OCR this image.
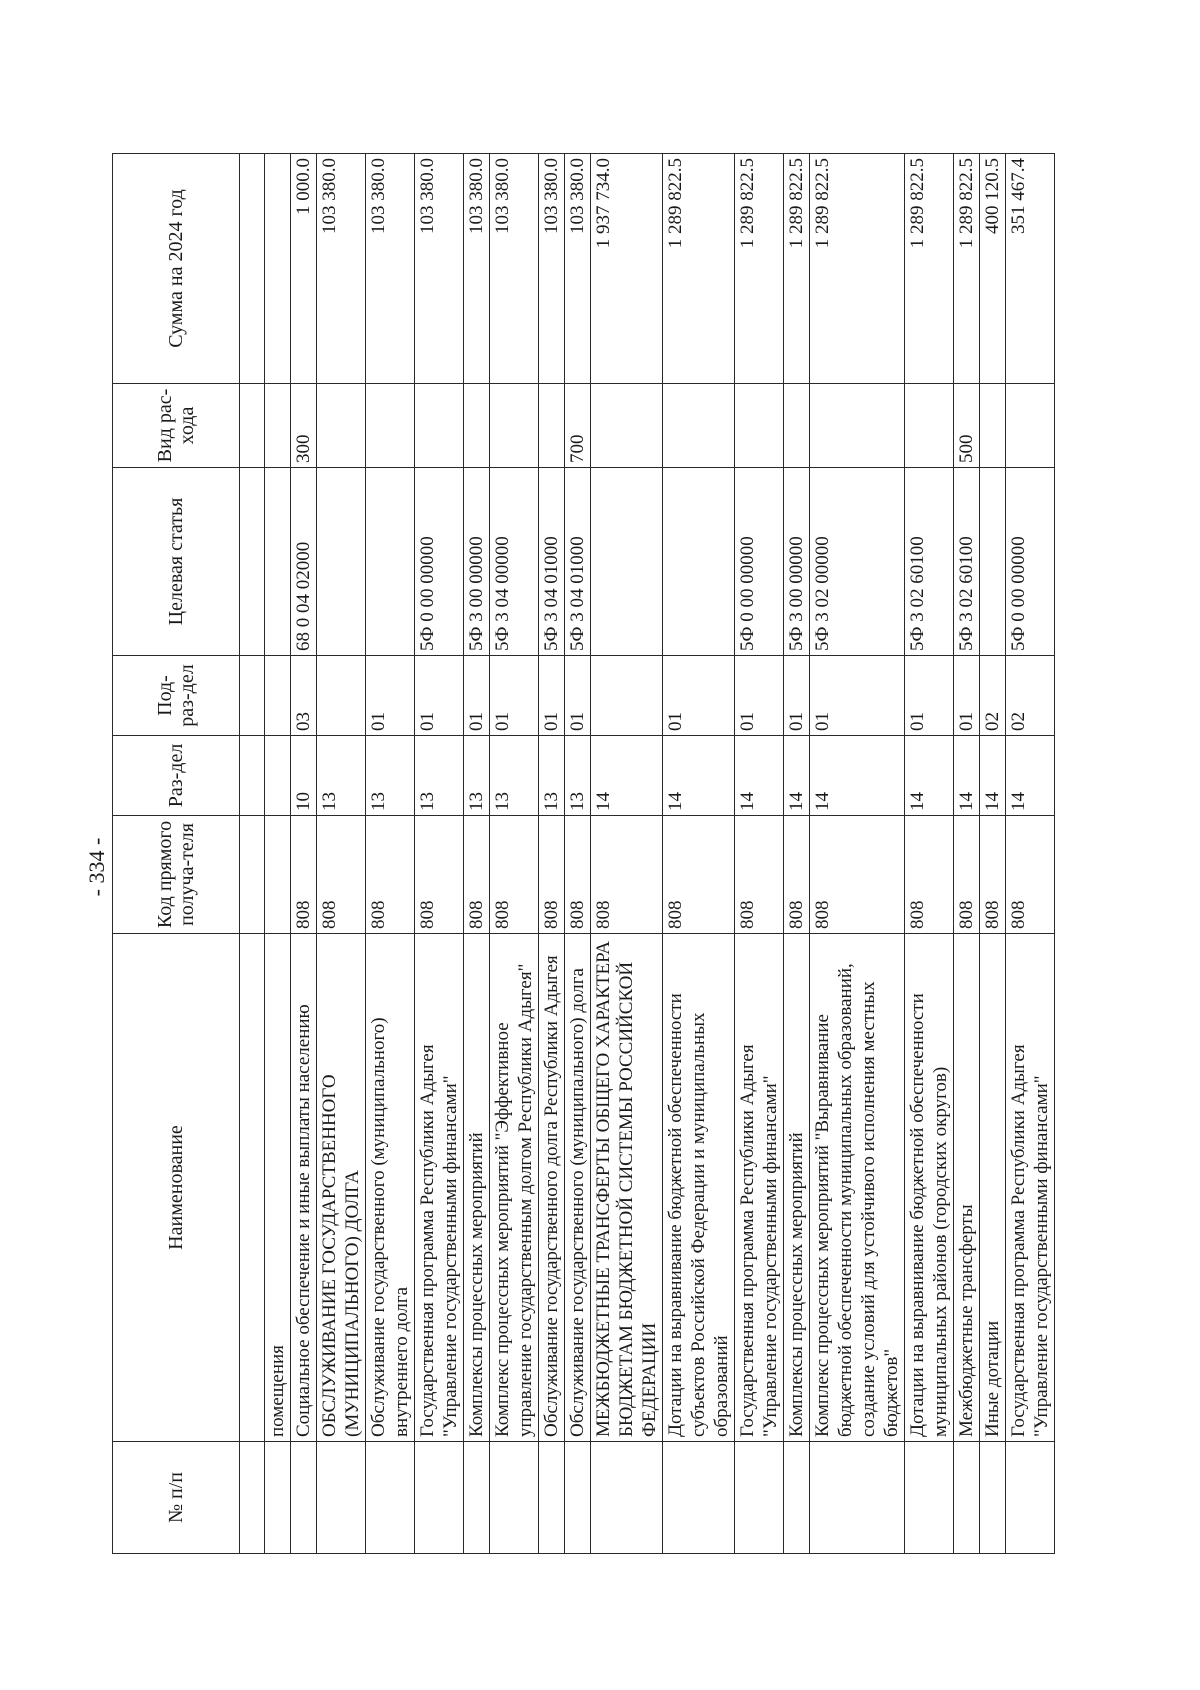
- 334 -
№ п/п	Наименование	Код прямого получа-теля	Раз-дел	Под-раз-дел	Целевая статья	Вид рас-хода	Сумма на 2024 год

	помещения						
	Социальное обеспечение и иные выплаты населению	808	10	03	68 0 04 02000	300	1 000.0
	ОБСЛУЖИВАНИЕ ГОСУДАРСТВЕННОГО (МУНИЦИПАЛЬНОГО) ДОЛГА	808	13				103 380.0
	Обслуживание государственного (муниципального) внутреннего долга	808	13	01			103 380.0
	Государственная программа Республики Адыгея "Управление государственными финансами"	808	13	01	5Ф 0 00 00000		103 380.0
	Комплексы процессных мероприятий	808	13	01	5Ф 3 00 00000		103 380.0
	Комплекс процессных мероприятий "Эффективное управление государственным долгом Республики Адыгея"	808	13	01	5Ф 3 04 00000		103 380.0
	Обслуживание государственного долга Республики Адыгея	808	13	01	5Ф 3 04 01000		103 380.0
	Обслуживание государственного (муниципального) долга	808	13	01	5Ф 3 04 01000	700	103 380.0
	МЕЖБЮДЖЕТНЫЕ ТРАНСФЕРТЫ ОБЩЕГО ХАРАКТЕРА БЮДЖЕТАМ БЮДЖЕТНОЙ СИСТЕМЫ РОССИЙСКОЙ ФЕДЕРАЦИИ	808	14				1 937 734.0
	Дотации на выравнивание бюджетной обеспеченности субъектов Российской Федерации и муниципальных образований	808	14	01			1 289 822.5
	Государственная программа Республики Адыгея "Управление государственными финансами"	808	14	01	5Ф 0 00 00000		1 289 822.5
	Комплексы процессных мероприятий	808	14	01	5Ф 3 00 00000		1 289 822.5
	Комплекс процессных мероприятий "Выравнивание бюджетной обеспеченности муниципальных образований, создание условий для устойчивого исполнения местных бюджетов"	808	14	01	5Ф 3 02 00000		1 289 822.5
	Дотации на выравнивание бюджетной обеспеченности муниципальных районов (городских округов)	808	14	01	5Ф 3 02 60100		1 289 822.5
	Межбюджетные трансферты	808	14	01	5Ф 3 02 60100	500	1 289 822.5
	Иные дотации	808	14	02			400 120.5
	Государственная программа Республики Адыгея "Управление государственными финансами"	808	14	02	5Ф 0 00 00000		351 467.4
